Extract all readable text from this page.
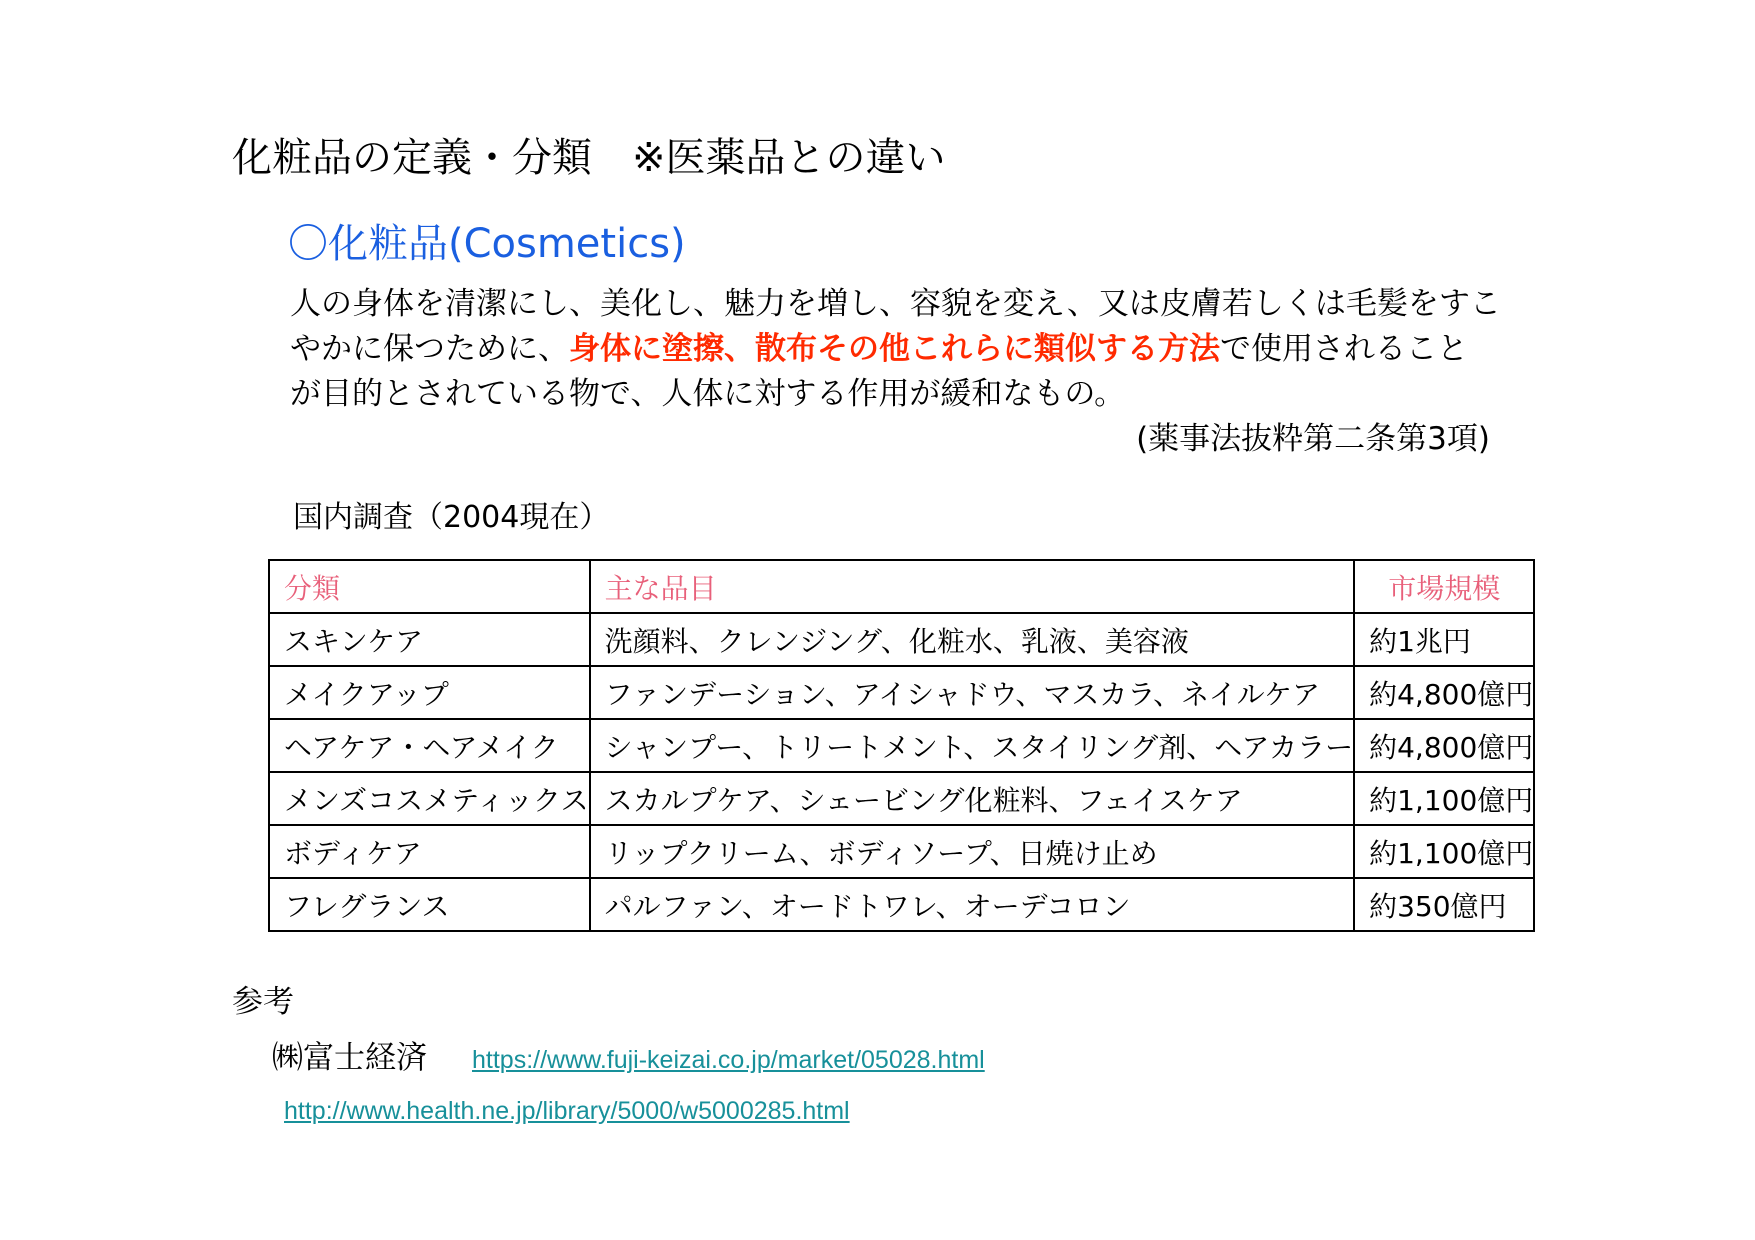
化粧品の定義・分類　※医薬品との違い
〇化粧品(Cosmetics)
人の身体を清潔にし、美化し、魅力を増し、容貌を変え、又は皮膚若しくは毛髪をすこ
やかに保つために、身体に塗擦、散布その他これらに類似する方法で使用されること
が目的とされている物で、人体に対する作用が緩和なもの。
(薬事法抜粋第二条第3項)
国内調査（2004現在）
分類	主な品目	市場規模
スキンケア	洗顔料、クレンジング、化粧水、乳液、美容液	約1兆円
メイクアップ	ファンデーション、アイシャドウ、マスカラ、ネイルケア	約4,800億円
ヘアケア・ヘアメイク	シャンプー、トリートメント、スタイリング剤、ヘアカラー	約4,800億円
メンズコスメティックス	スカルプケア、シェービング化粧料、フェイスケア	約1,100億円
ボディケア	リップクリーム、ボディソープ、日焼け止め	約1,100億円
フレグランス	パルファン、オードトワレ、オーデコロン	約350億円
参考
㈱富士経済 https://www.fuji-keizai.co.jp/market/05028.html
http://www.health.ne.jp/library/5000/w5000285.html
